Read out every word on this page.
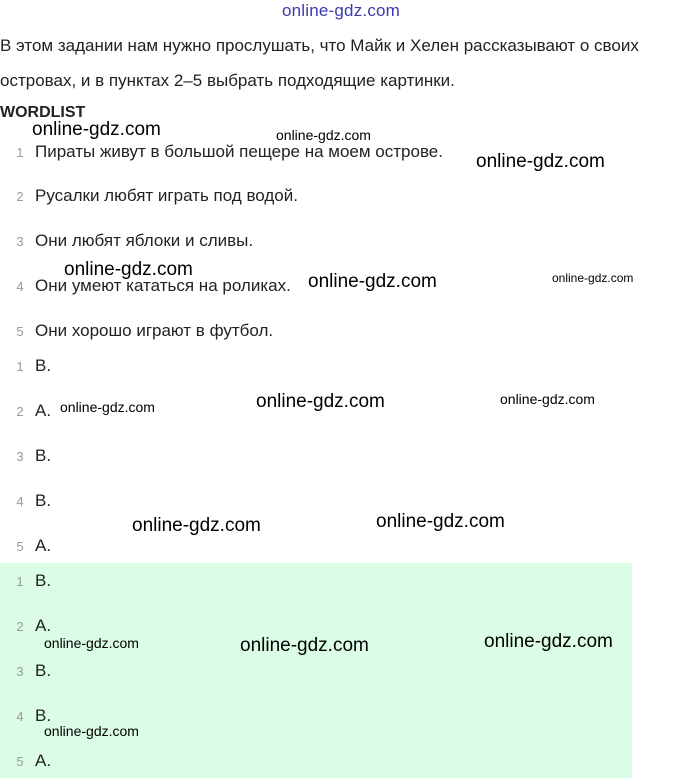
online-gdz.com
В этом задании нам нужно прослушать, что Майк и Хелен рассказывают о своих островах, и в пунктах 2–5 выбрать подходящие картинки.
WORDLIST
1 Пираты живут в большой пещере на моем острове.
2 Русалки любят играть под водой.
3 Они любят яблоки и сливы.
4 Они умеют кататься на роликах.
5 Они хорошо играют в футбол.
1 B.
2 A.
3 B.
4 B.
5 A.
1 B.
2 A.
3 B.
4 B.
5 A.
online-gdz.com	online-gdz.com
online-gdz.com
online-gdz.com
online-gdz.com	online-gdz.com
online-gdz.com	online-gdz.com	online-gdz.com
online-gdz.com	online-gdz.com
online-gdz.com	online-gdz.com	online-gdz.com
online-gdz.com
